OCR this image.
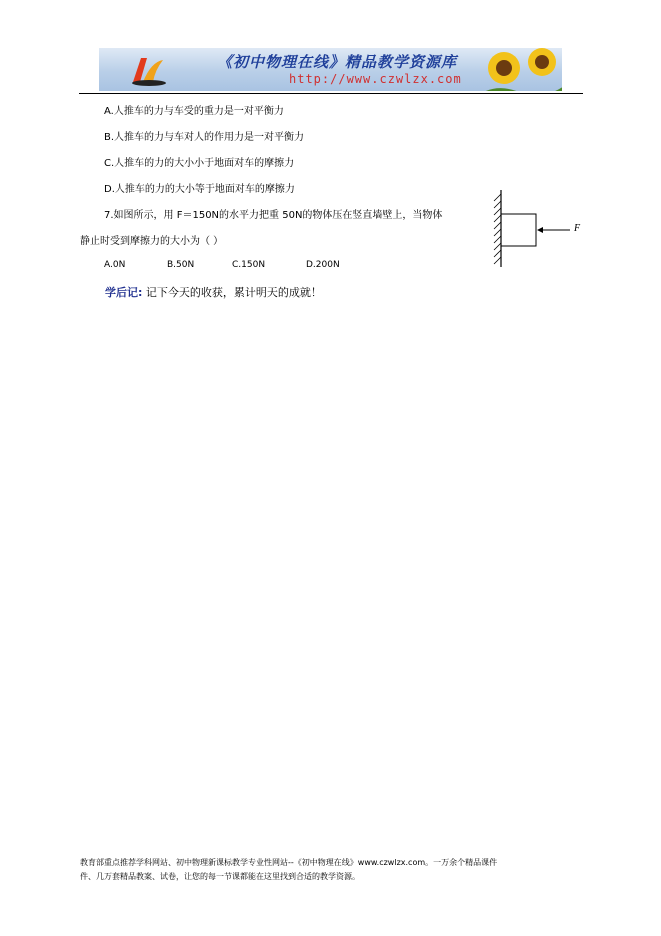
《初中物理在线》精品教学资源库
http://www.czwlzx.com
A.人推车的力与车受的重力是一对平衡力
B.人推车的力与车对人的作用力是一对平衡力
C.人推车的力的大小小于地面对车的摩擦力
D.人推车的力的大小等于地面对车的摩擦力
7.如图所示，用 F＝150N的水平力把重 50N的物体压在竖直墙壁上，当物体
静止时受到摩擦力的大小为（ ）
A.0N	B.50N	C.150N	D.200N
F
学后记: 记下今天的收获，累计明天的成就！
教育部重点推荐学科网站、初中物理新课标教学专业性网站--《初中物理在线》www.czwlzx.com。一万余个精品课件
件、几万套精品教案、试卷，让您的每一节课都能在这里找到合适的教学资源。
